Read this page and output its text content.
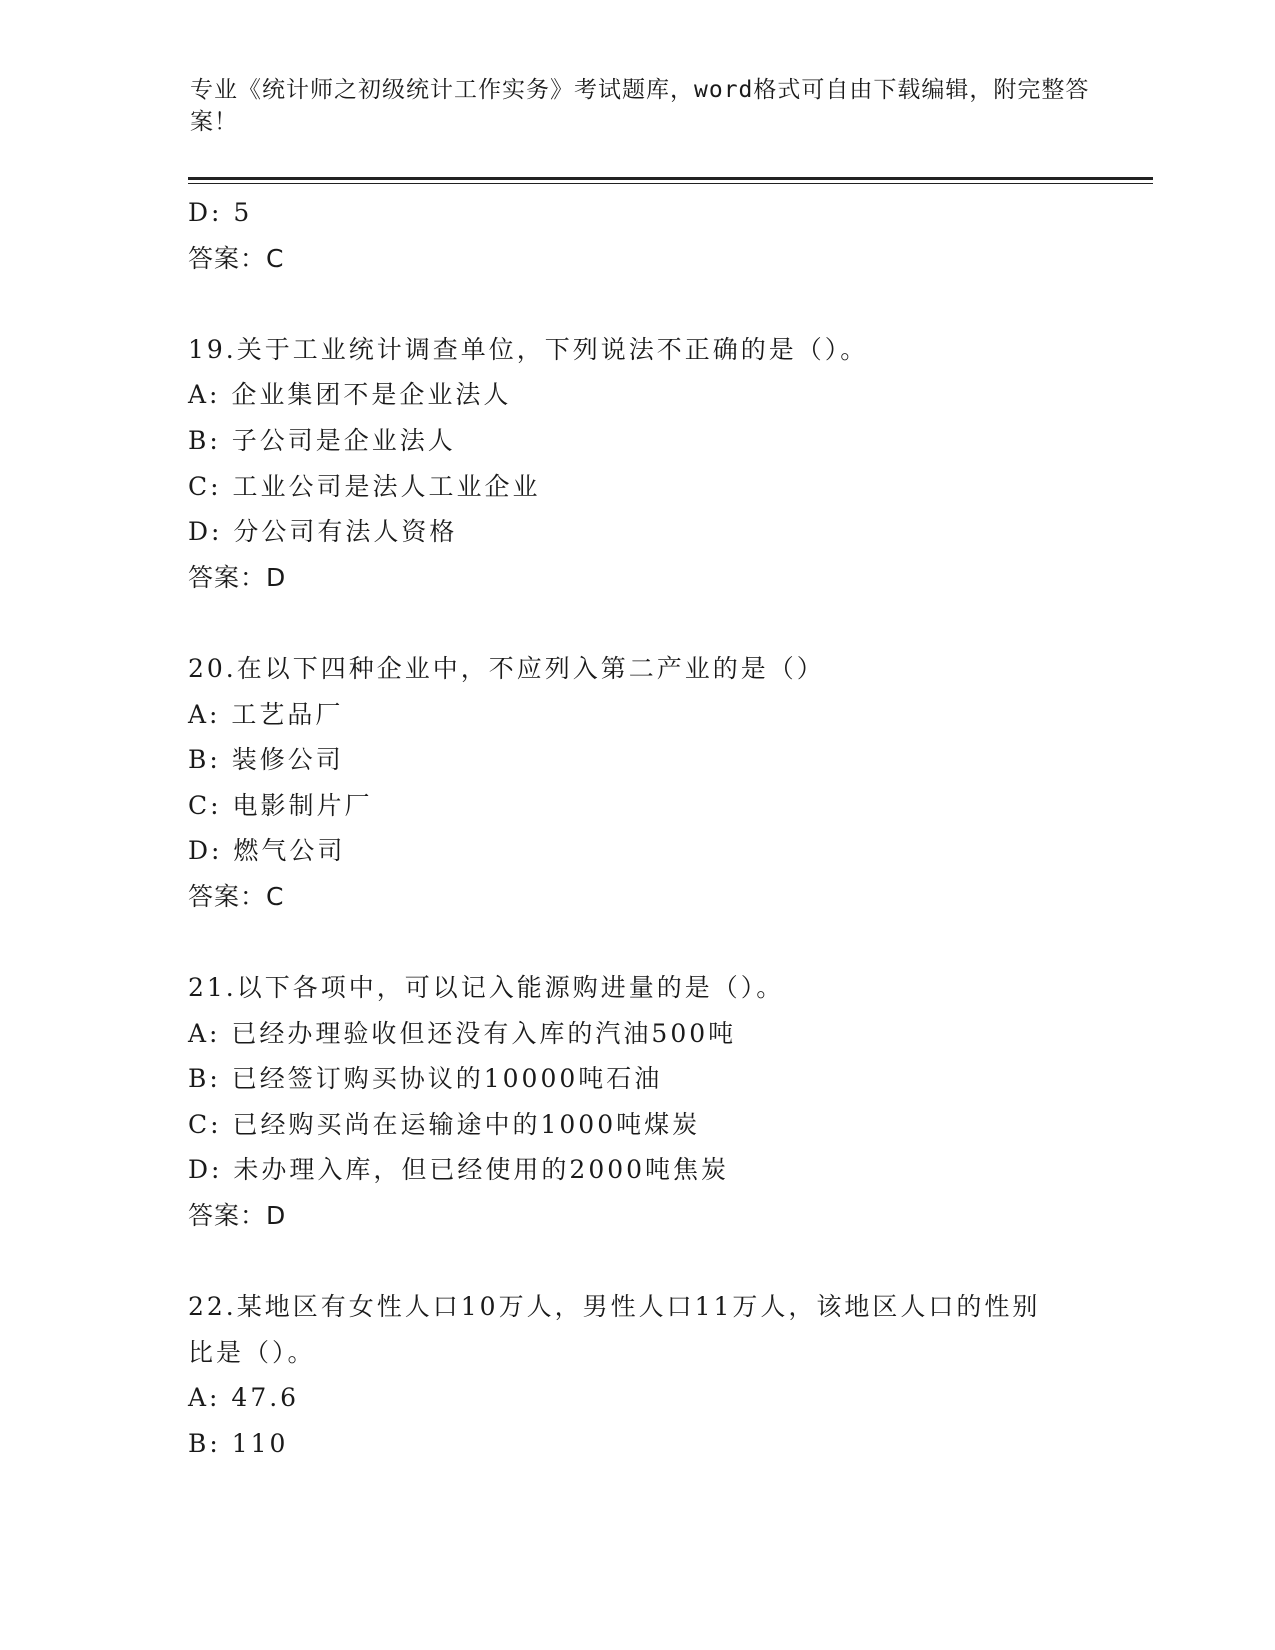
专业《统计师之初级统计工作实务》考试题库，word格式可自由下载编辑，附完整答案！
D: 5
答案：C
19.关于工业统计调查单位，下列说法不正确的是（）。
A: 企业集团不是企业法人
B: 子公司是企业法人
C: 工业公司是法人工业企业
D: 分公司有法人资格
答案：D
20.在以下四种企业中，不应列入第二产业的是（）
A: 工艺品厂
B: 装修公司
C: 电影制片厂
D: 燃气公司
答案：C
21.以下各项中，可以记入能源购进量的是（）。
A: 已经办理验收但还没有入库的汽油500吨
B: 已经签订购买协议的10000吨石油
C: 已经购买尚在运输途中的1000吨煤炭
D: 未办理入库，但已经使用的2000吨焦炭
答案：D
22.某地区有女性人口10万人，男性人口11万人，该地区人口的性别比是（）。
A: 47.6
B: 110
